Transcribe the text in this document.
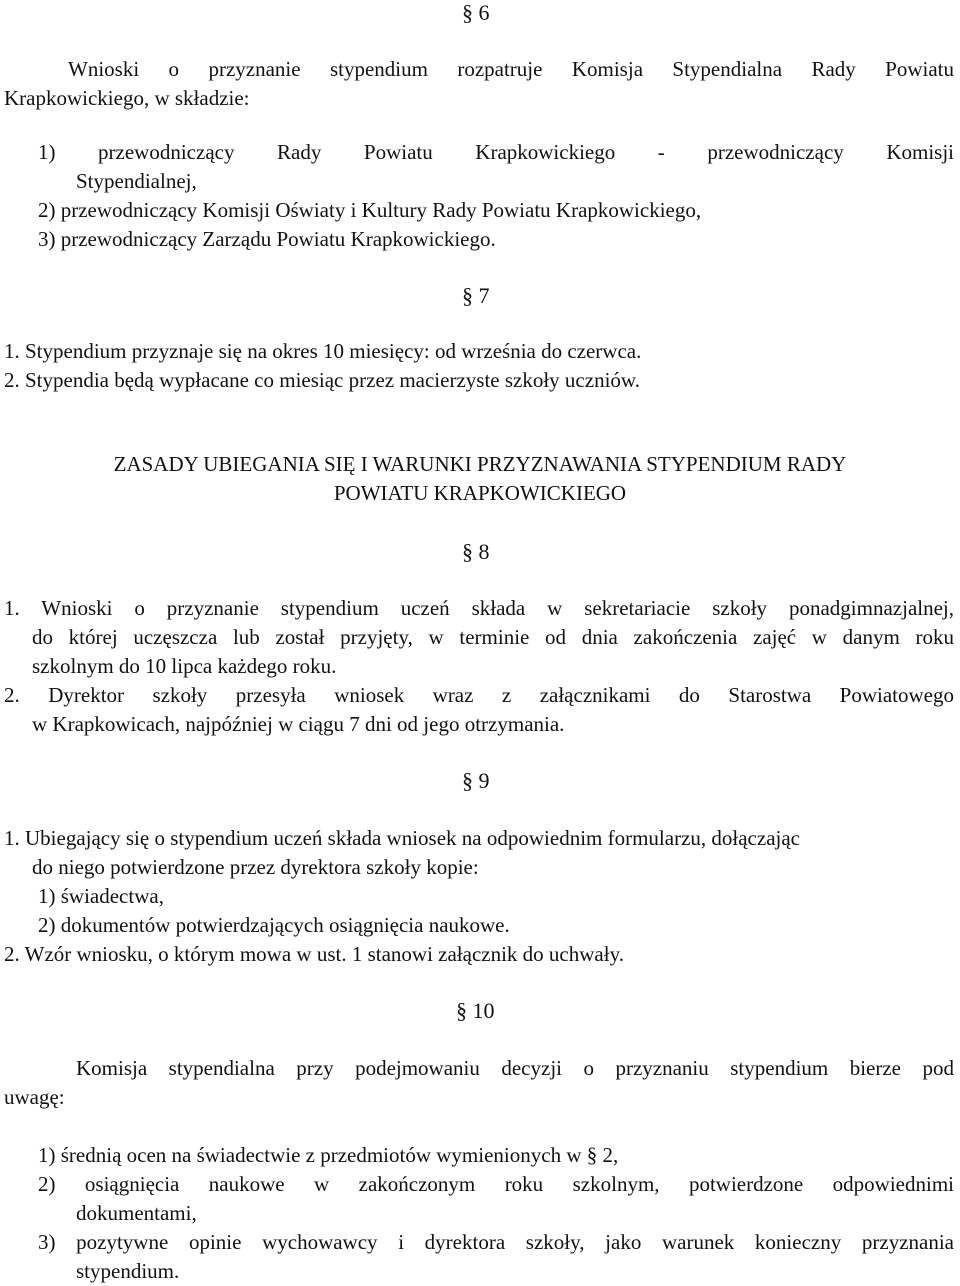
§ 6
Wnioski o przyznanie stypendium rozpatruje Komisja Stypendialna Rady Powiatu
Krapkowickiego, w składzie:
1) przewodniczący Rady Powiatu Krapkowickiego - przewodniczący Komisji
Stypendialnej,
2) przewodniczący Komisji Oświaty i Kultury Rady Powiatu Krapkowickiego,
3) przewodniczący Zarządu Powiatu Krapkowickiego.
§ 7
1. Stypendium przyznaje się na okres 10 miesięcy: od września do czerwca.
2. Stypendia będą wypłacane co miesiąc przez macierzyste szkoły uczniów.
ZASADY UBIEGANIA SIĘ I WARUNKI PRZYZNAWANIA STYPENDIUM RADY
POWIATU KRAPKOWICKIEGO
§ 8
1. Wnioski o przyznanie stypendium uczeń składa w sekretariacie szkoły ponadgimnazjalnej,
do której uczęszcza lub został przyjęty, w terminie od dnia zakończenia zajęć w danym roku
szkolnym do 10 lipca każdego roku.
2. Dyrektor szkoły przesyła wniosek wraz z załącznikami do Starostwa Powiatowego
w Krapkowicach, najpóźniej w ciągu 7 dni od jego otrzymania.
§ 9
1. Ubiegający się o stypendium uczeń składa wniosek na odpowiednim formularzu, dołączając
do niego potwierdzone przez dyrektora szkoły kopie:
1) świadectwa,
2) dokumentów potwierdzających osiągnięcia naukowe.
2. Wzór wniosku, o którym mowa w ust. 1 stanowi załącznik do uchwały.
§ 10
Komisja stypendialna przy podejmowaniu decyzji o przyznaniu stypendium bierze pod
uwagę:
1) średnią ocen na świadectwie z przedmiotów wymienionych w § 2,
2) osiągnięcia naukowe w zakończonym roku szkolnym, potwierdzone odpowiednimi
dokumentami,
3) pozytywne opinie wychowawcy i dyrektora szkoły, jako warunek konieczny przyznania
stypendium.
